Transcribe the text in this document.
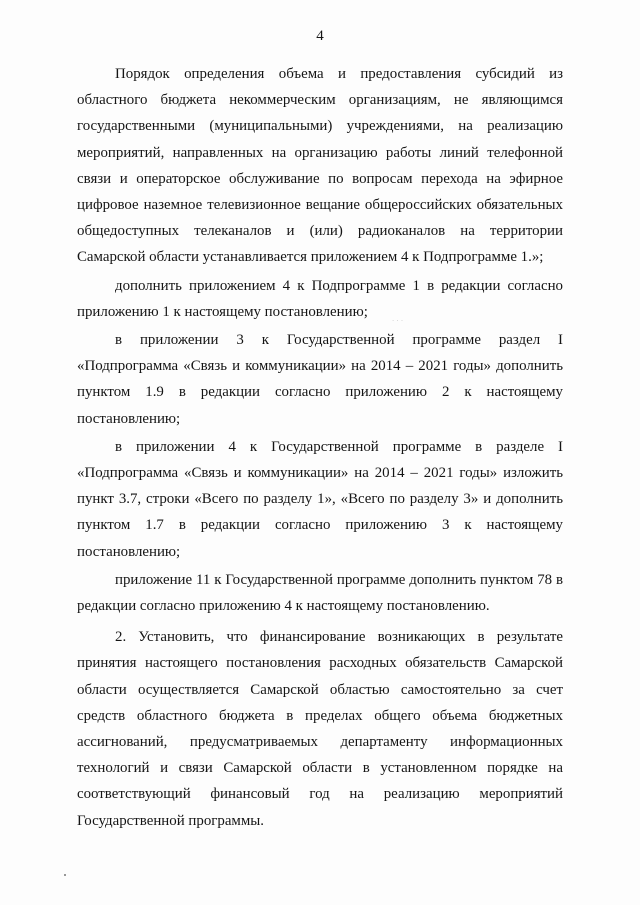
4

Порядок определения объема и предоставления субсидий из областного бюджета некоммерческим организациям, не являющимся государственными (муниципальными) учреждениями, на реализацию мероприятий, направленных на организацию работы линий телефонной связи и операторское обслуживание по вопросам перехода на эфирное цифровое наземное телевизионное вещание общероссийских обязательных общедоступных телеканалов и (или) радиоканалов на территории Самарской области устанавливается приложением 4 к Подпрограмме 1.»;

дополнить приложением 4 к Подпрограмме 1 в редакции согласно приложению 1 к настоящему постановлению;

в приложении 3 к Государственной программе раздел I «Подпрограмма «Связь и коммуникации» на 2014 – 2021 годы» дополнить пунктом 1.9 в редакции согласно приложению 2 к настоящему постановлению;

в приложении 4 к Государственной программе в разделе I «Подпрограмма «Связь и коммуникации» на 2014 – 2021 годы» изложить пункт 3.7, строки «Всего по разделу 1», «Всего по разделу 3» и дополнить пунктом 1.7 в редакции согласно приложению 3 к настоящему постановлению;

приложение 11 к Государственной программе дополнить пунктом 78 в редакции согласно приложению 4 к настоящему постановлению.

2. Установить, что финансирование возникающих в результате принятия настоящего постановления расходных обязательств Самарской области осуществляется Самарской областью самостоятельно за счет средств областного бюджета в пределах общего объема бюджетных ассигнований, предусматриваемых департаменту информационных технологий и связи Самарской области в установленном порядке на соответствующий финансовый год на реализацию мероприятий Государственной программы.

· · ·
